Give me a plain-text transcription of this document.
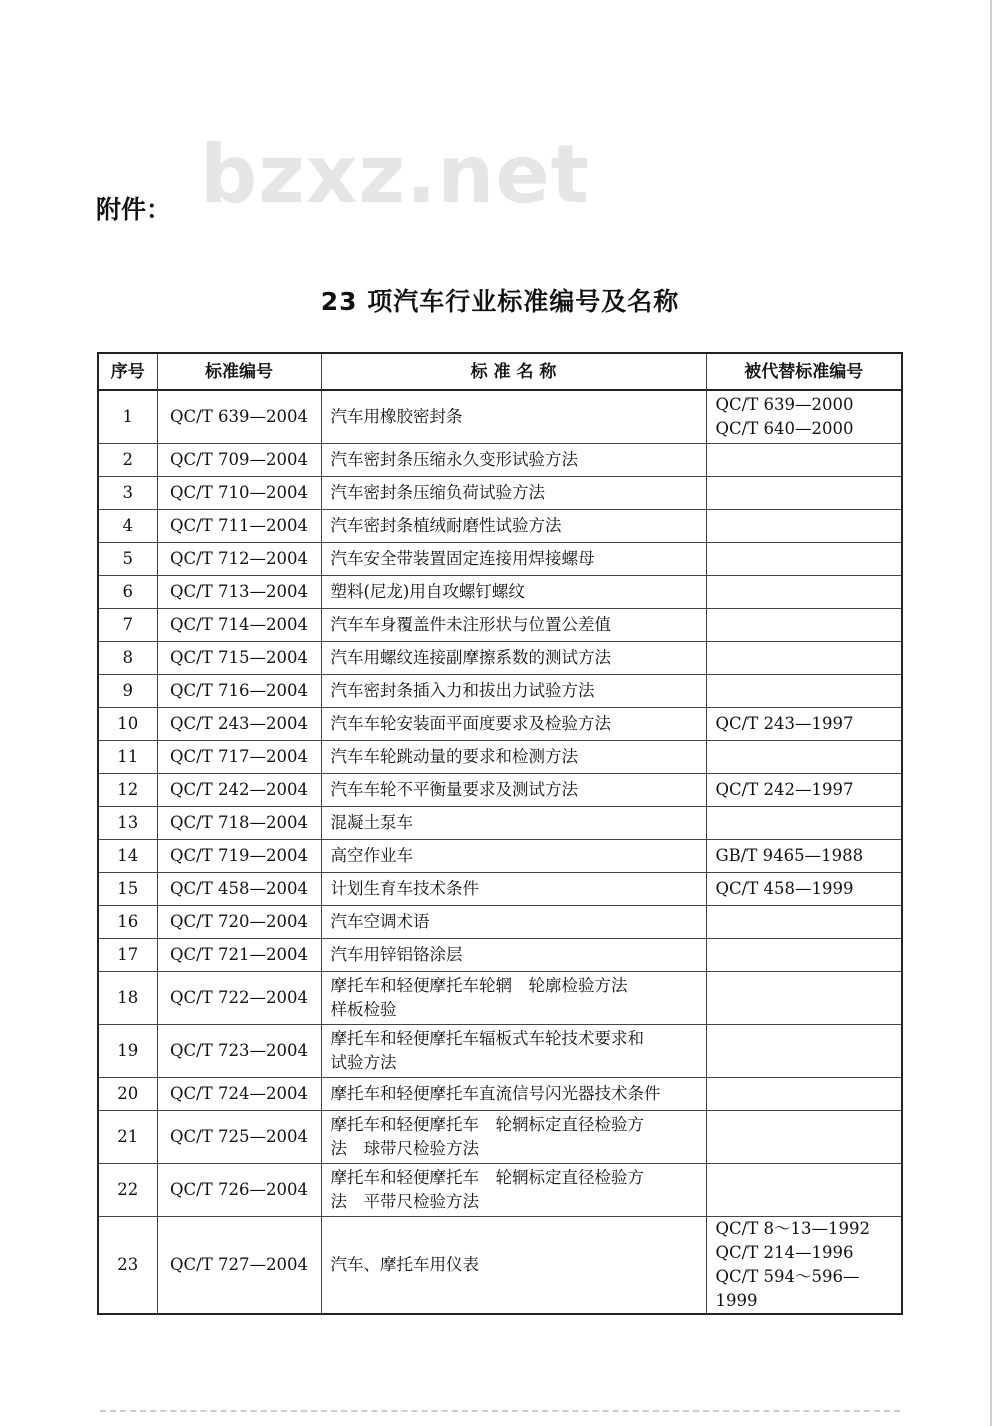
bzxz.net
附件：
23 项汽车行业标准编号及名称
序号	标准编号	标 准 名 称	被代替标准编号
1	QC/T 639—2004	汽车用橡胶密封条	QC/T 639—2000
QC/T 640—2000

2	QC/T 709—2004	汽车密封条压缩永久变形试验方法	
3	QC/T 710—2004	汽车密封条压缩负荷试验方法	
4	QC/T 711—2004	汽车密封条植绒耐磨性试验方法	
5	QC/T 712—2004	汽车安全带装置固定连接用焊接螺母	
6	QC/T 713—2004	塑料(尼龙)用自攻螺钉螺纹	
7	QC/T 714—2004	汽车车身覆盖件未注形状与位置公差值	
8	QC/T 715—2004	汽车用螺纹连接副摩擦系数的测试方法	
9	QC/T 716—2004	汽车密封条插入力和拔出力试验方法	
10	QC/T 243—2004	汽车车轮安装面平面度要求及检验方法	QC/T 243—1997

11	QC/T 717—2004	汽车车轮跳动量的要求和检测方法	
12	QC/T 242—2004	汽车车轮不平衡量要求及测试方法	QC/T 242—1997

13	QC/T 718—2004	混凝土泵车	
14	QC/T 719—2004	高空作业车	GB/T 9465—1988

15	QC/T 458—2004	计划生育车技术条件	QC/T 458—1999

16	QC/T 720—2004	汽车空调术语	
17	QC/T 721—2004	汽车用锌铝铬涂层	
18	QC/T 722—2004	摩托车和轻便摩托车轮辋　轮廓检验方法
样板检验	

19	QC/T 723—2004	摩托车和轻便摩托车辐板式车轮技术要求和
试验方法	

20	QC/T 724—2004	摩托车和轻便摩托车直流信号闪光器技术条件	
21	QC/T 725—2004	摩托车和轻便摩托车　轮辋标定直径检验方
法　球带尺检验方法	

22	QC/T 726—2004	摩托车和轻便摩托车　轮辋标定直径检验方
法　平带尺检验方法	

23	QC/T 727—2004	汽车、摩托车用仪表	QC/T 8～13—1992
QC/T 214—1996
QC/T 594～596—1999
